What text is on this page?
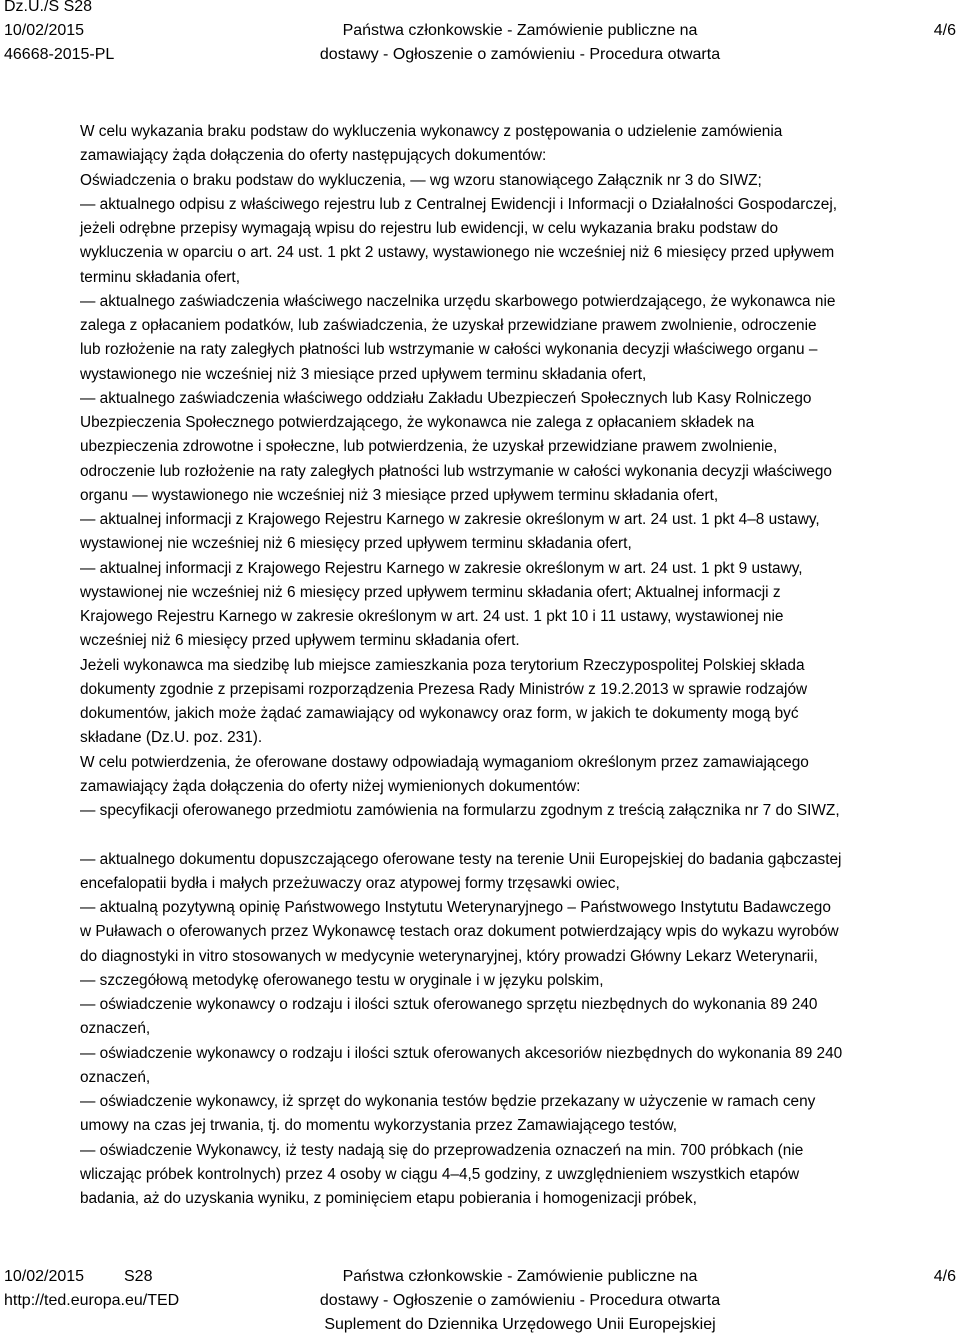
Dz.U./S S28
10/02/2015
46668-2015-PL
Państwa członkowskie - Zamówienie publiczne na
dostawy - Ogłoszenie o zamówieniu - Procedura otwarta
4/6
W celu wykazania braku podstaw do wykluczenia wykonawcy z postępowania o udzielenie zamówienia
zamawiający żąda dołączenia do oferty następujących dokumentów:
Oświadczenia o braku podstaw do wykluczenia, — wg wzoru stanowiącego Załącznik nr 3 do SIWZ;
— aktualnego odpisu z właściwego rejestru lub z Centralnej Ewidencji i Informacji o Działalności Gospodarczej,
jeżeli odrębne przepisy wymagają wpisu do rejestru lub ewidencji, w celu wykazania braku podstaw do
wykluczenia w oparciu o art. 24 ust. 1 pkt 2 ustawy, wystawionego nie wcześniej niż 6 miesięcy przed upływem
terminu składania ofert,
— aktualnego zaświadczenia właściwego naczelnika urzędu skarbowego potwierdzającego, że wykonawca nie
zalega z opłacaniem podatków, lub zaświadczenia, że uzyskał przewidziane prawem zwolnienie, odroczenie
lub rozłożenie na raty zaległych płatności lub wstrzymanie w całości wykonania decyzji właściwego organu –
wystawionego nie wcześniej niż 3 miesiące przed upływem terminu składania ofert,
— aktualnego zaświadczenia właściwego oddziału Zakładu Ubezpieczeń Społecznych lub Kasy Rolniczego
Ubezpieczenia Społecznego potwierdzającego, że wykonawca nie zalega z opłacaniem składek na
ubezpieczenia zdrowotne i społeczne, lub potwierdzenia, że uzyskał przewidziane prawem zwolnienie,
odroczenie lub rozłożenie na raty zaległych płatności lub wstrzymanie w całości wykonania decyzji właściwego
organu — wystawionego nie wcześniej niż 3 miesiące przed upływem terminu składania ofert,
— aktualnej informacji z Krajowego Rejestru Karnego w zakresie określonym w art. 24 ust. 1 pkt 4–8 ustawy,
wystawionej nie wcześniej niż 6 miesięcy przed upływem terminu składania ofert,
— aktualnej informacji z Krajowego Rejestru Karnego w zakresie określonym w art. 24 ust. 1 pkt 9 ustawy,
wystawionej nie wcześniej niż 6 miesięcy przed upływem terminu składania ofert; Aktualnej informacji z
Krajowego Rejestru Karnego w zakresie określonym w art. 24 ust. 1 pkt 10 i 11 ustawy, wystawionej nie
wcześniej niż 6 miesięcy przed upływem terminu składania ofert.
Jeżeli wykonawca ma siedzibę lub miejsce zamieszkania poza terytorium Rzeczypospolitej Polskiej składa
dokumenty zgodnie z przepisami rozporządzenia Prezesa Rady Ministrów z 19.2.2013 w sprawie rodzajów
dokumentów, jakich może żądać zamawiający od wykonawcy oraz form, w jakich te dokumenty mogą być
składane (Dz.U. poz. 231).
W celu potwierdzenia, że oferowane dostawy odpowiadają wymaganiom określonym przez zamawiającego
zamawiający żąda dołączenia do oferty niżej wymienionych dokumentów:
— specyfikacji oferowanego przedmiotu zamówienia na formularzu zgodnym z treścią załącznika nr 7 do SIWZ,
— aktualnego dokumentu dopuszczającego oferowane testy na terenie Unii Europejskiej do badania gąbczastej
encefalopatii bydła i małych przeżuwaczy oraz atypowej formy trzęsawki owiec,
— aktualną pozytywną opinię Państwowego Instytutu Weterynaryjnego – Państwowego Instytutu Badawczego
w Puławach o oferowanych przez Wykonawcę testach oraz dokument potwierdzający wpis do wykazu wyrobów
do diagnostyki in vitro stosowanych w medycynie weterynaryjnej, który prowadzi Główny Lekarz Weterynarii,
— szczegółową metodykę oferowanego testu w oryginale i w języku polskim,
— oświadczenie wykonawcy o rodzaju i ilości sztuk oferowanego sprzętu niezbędnych do wykonania 89 240
oznaczeń,
— oświadczenie wykonawcy o rodzaju i ilości sztuk oferowanych akcesoriów niezbędnych do wykonania 89 240
oznaczeń,
— oświadczenie wykonawcy, iż sprzęt do wykonania testów będzie przekazany w użyczenie w ramach ceny
umowy na czas jej trwania, tj. do momentu wykorzystania przez Zamawiającego testów,
— oświadczenie Wykonawcy, iż testy nadają się do przeprowadzenia oznaczeń na min. 700 próbkach (nie
wliczając próbek kontrolnych) przez 4 osoby w ciągu 4–4,5 godziny, z uwzględnieniem wszystkich etapów
badania, aż do uzyskania wyniku, z pominięciem etapu pobierania i homogenizacji próbek,
10/02/2015 S28
http://ted.europa.eu/TED
Państwa członkowskie - Zamówienie publiczne na
dostawy - Ogłoszenie o zamówieniu - Procedura otwarta
Suplement do Dziennika Urzędowego Unii Europejskiej
4/6
